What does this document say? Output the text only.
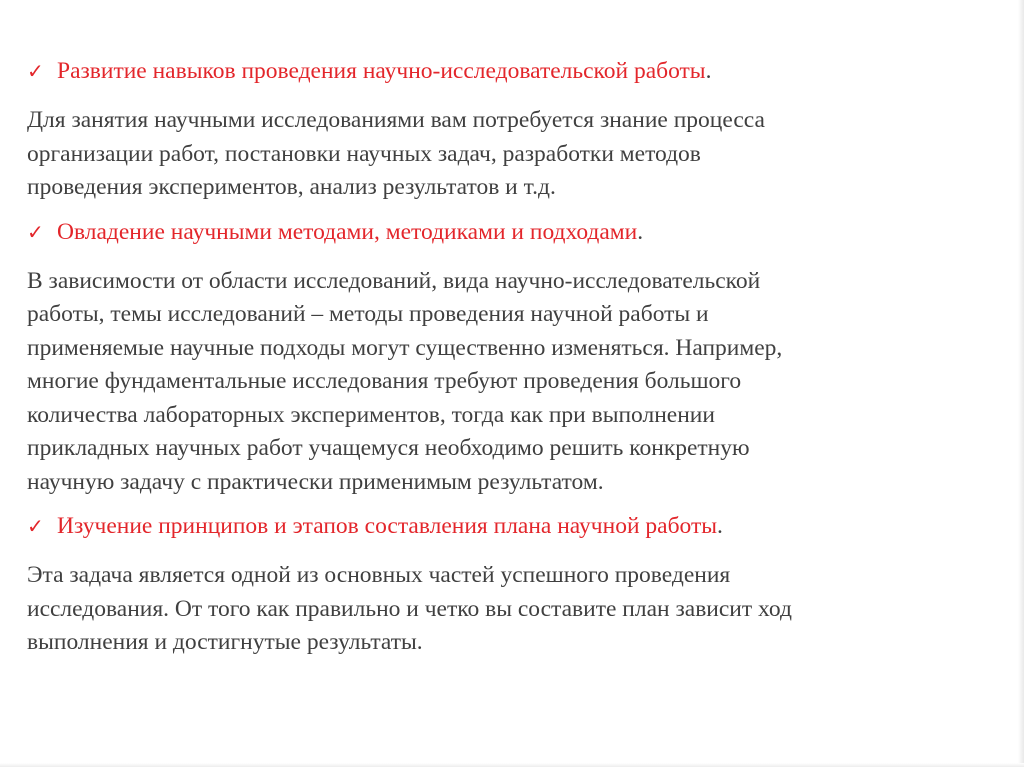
✓ Развитие навыков проведения научно-исследовательской работы.
Для занятия научными исследованиями вам потребуется знание процесса
организации работ, постановки научных задач, разработки методов
проведения экспериментов, анализ результатов и т.д.
✓ Овладение научными методами, методиками и подходами.
В зависимости от области исследований, вида научно-исследовательской
работы, темы исследований – методы проведения научной работы и
применяемые научные подходы могут существенно изменяться. Например,
многие фундаментальные исследования требуют проведения большого
количества лабораторных экспериментов, тогда как при выполнении
прикладных научных работ учащемуся необходимо решить конкретную
научную задачу с практически применимым результатом.
✓ Изучение принципов и этапов составления плана научной работы.
Эта задача является одной из основных частей успешного проведения
исследования. От того как правильно и четко вы составите план зависит ход
выполнения и достигнутые результаты.
